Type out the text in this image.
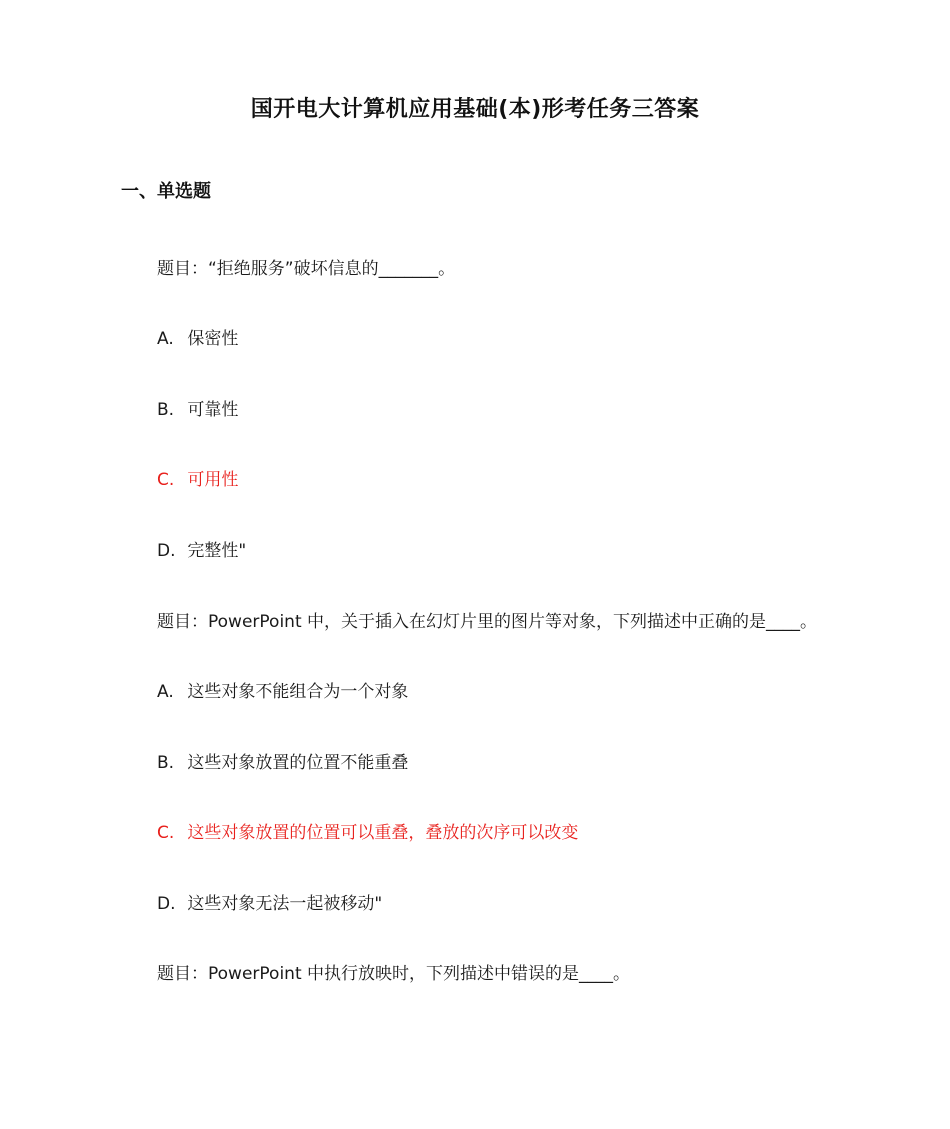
国开电大计算机应用基础(本)形考任务三答案
一、单选题
题目：“拒绝服务”破坏信息的_______。
A. 保密性
B. 可靠性
C. 可用性
D. 完整性"
题目：PowerPoint 中，关于插入在幻灯片里的图片等对象，下列描述中正确的是____。
A. 这些对象不能组合为一个对象
B. 这些对象放置的位置不能重叠
C. 这些对象放置的位置可以重叠，叠放的次序可以改变
D. 这些对象无法一起被移动"
题目：PowerPoint 中执行放映时，下列描述中错误的是____。
